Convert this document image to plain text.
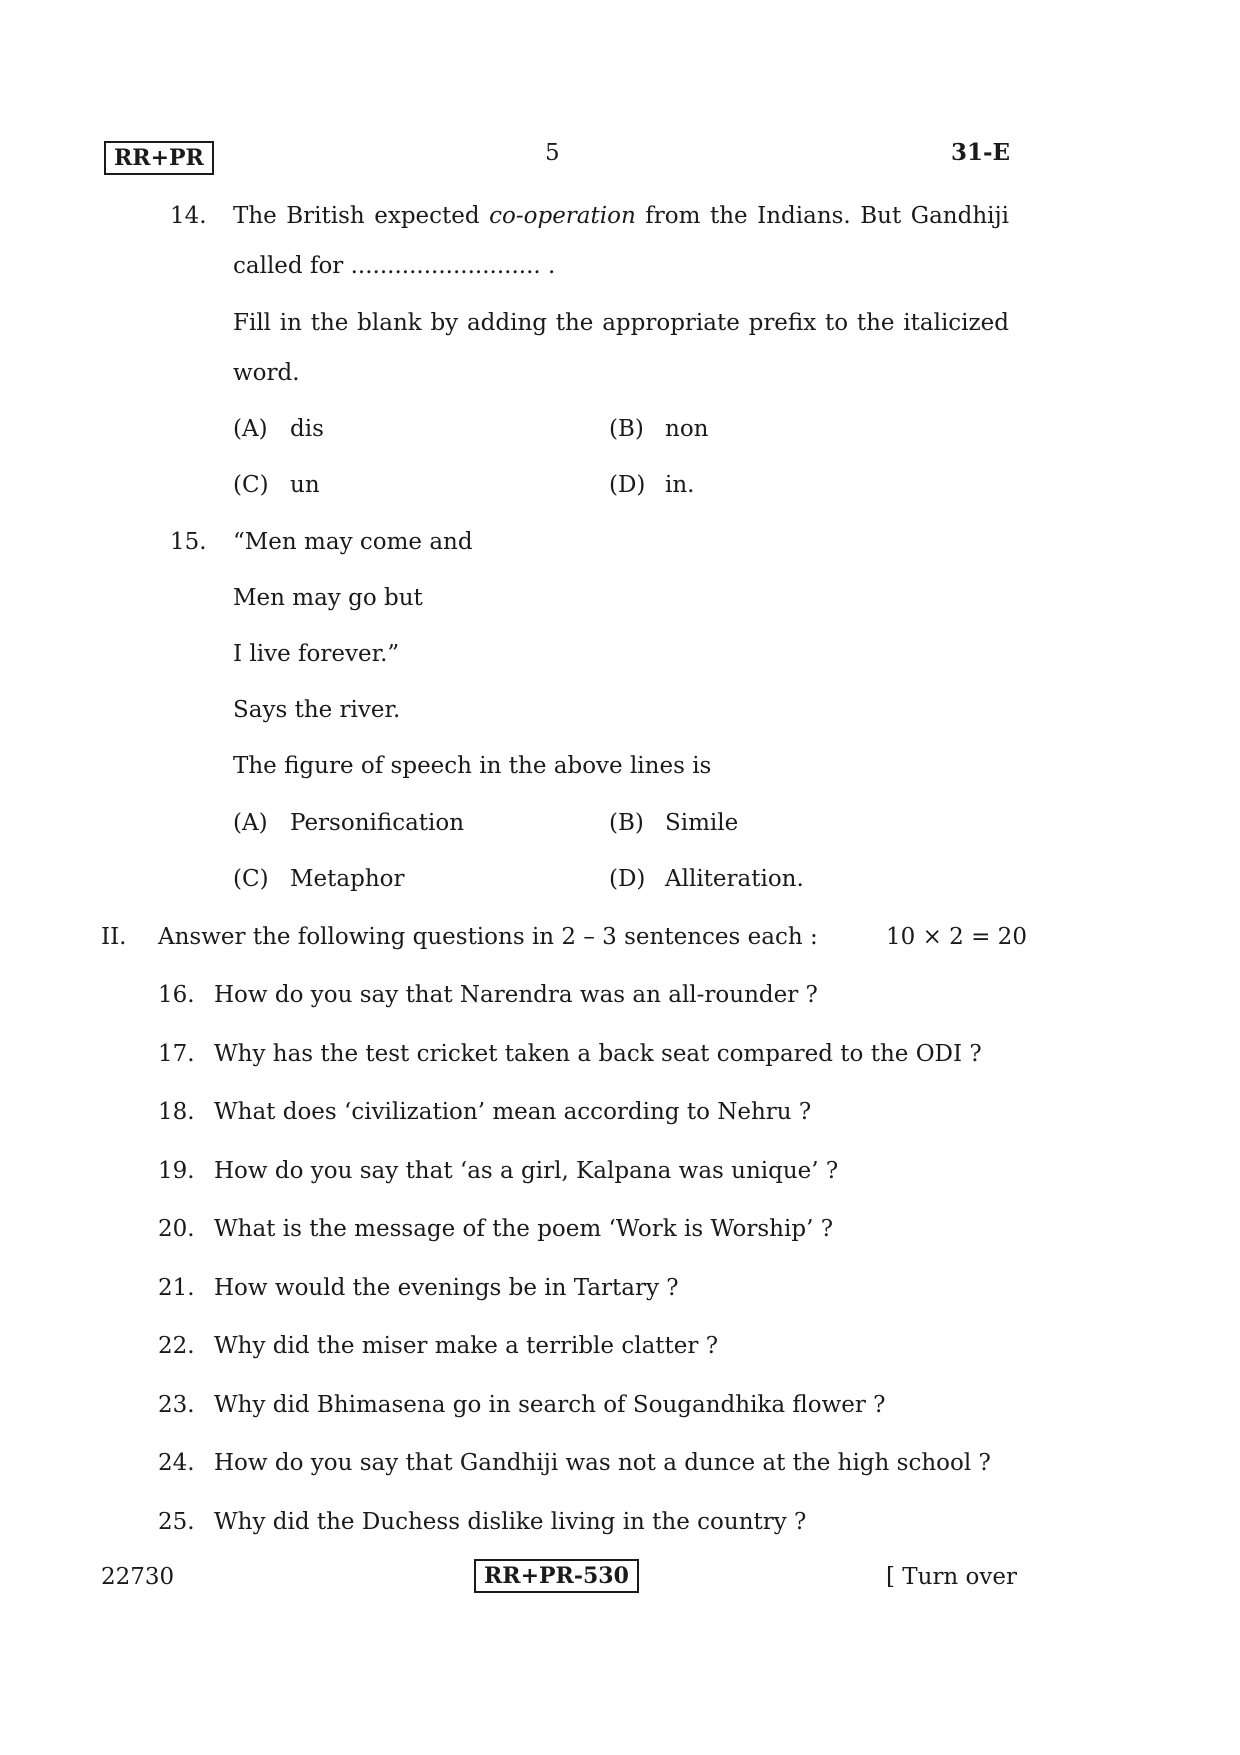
RR+PR	5	31-E
14. The British expected co-operation from the Indians. But Gandhiji
called for .......................... .
Fill in the blank by adding the appropriate prefix to the italicized
word.
(A) dis	(B) non
(C) un	(D) in.
15. “Men may come and
Men may go but
I live forever.”
Says the river.
The figure of speech in the above lines is
(A) Personification	(B) Simile
(C) Metaphor	(D) Alliteration.
II. Answer the following questions in 2 – 3 sentences each :	10 × 2 = 20
16. How do you say that Narendra was an all-rounder ?
17. Why has the test cricket taken a back seat compared to the ODI ?
18. What does ‘civilization’ mean according to Nehru ?
19. How do you say that ‘as a girl, Kalpana was unique’ ?
20. What is the message of the poem ‘Work is Worship’ ?
21. How would the evenings be in Tartary ?
22. Why did the miser make a terrible clatter ?
23. Why did Bhimasena go in search of Sougandhika flower ?
24. How do you say that Gandhiji was not a dunce at the high school ?
25. Why did the Duchess dislike living in the country ?
22730	RR+PR-530	[ Turn over
